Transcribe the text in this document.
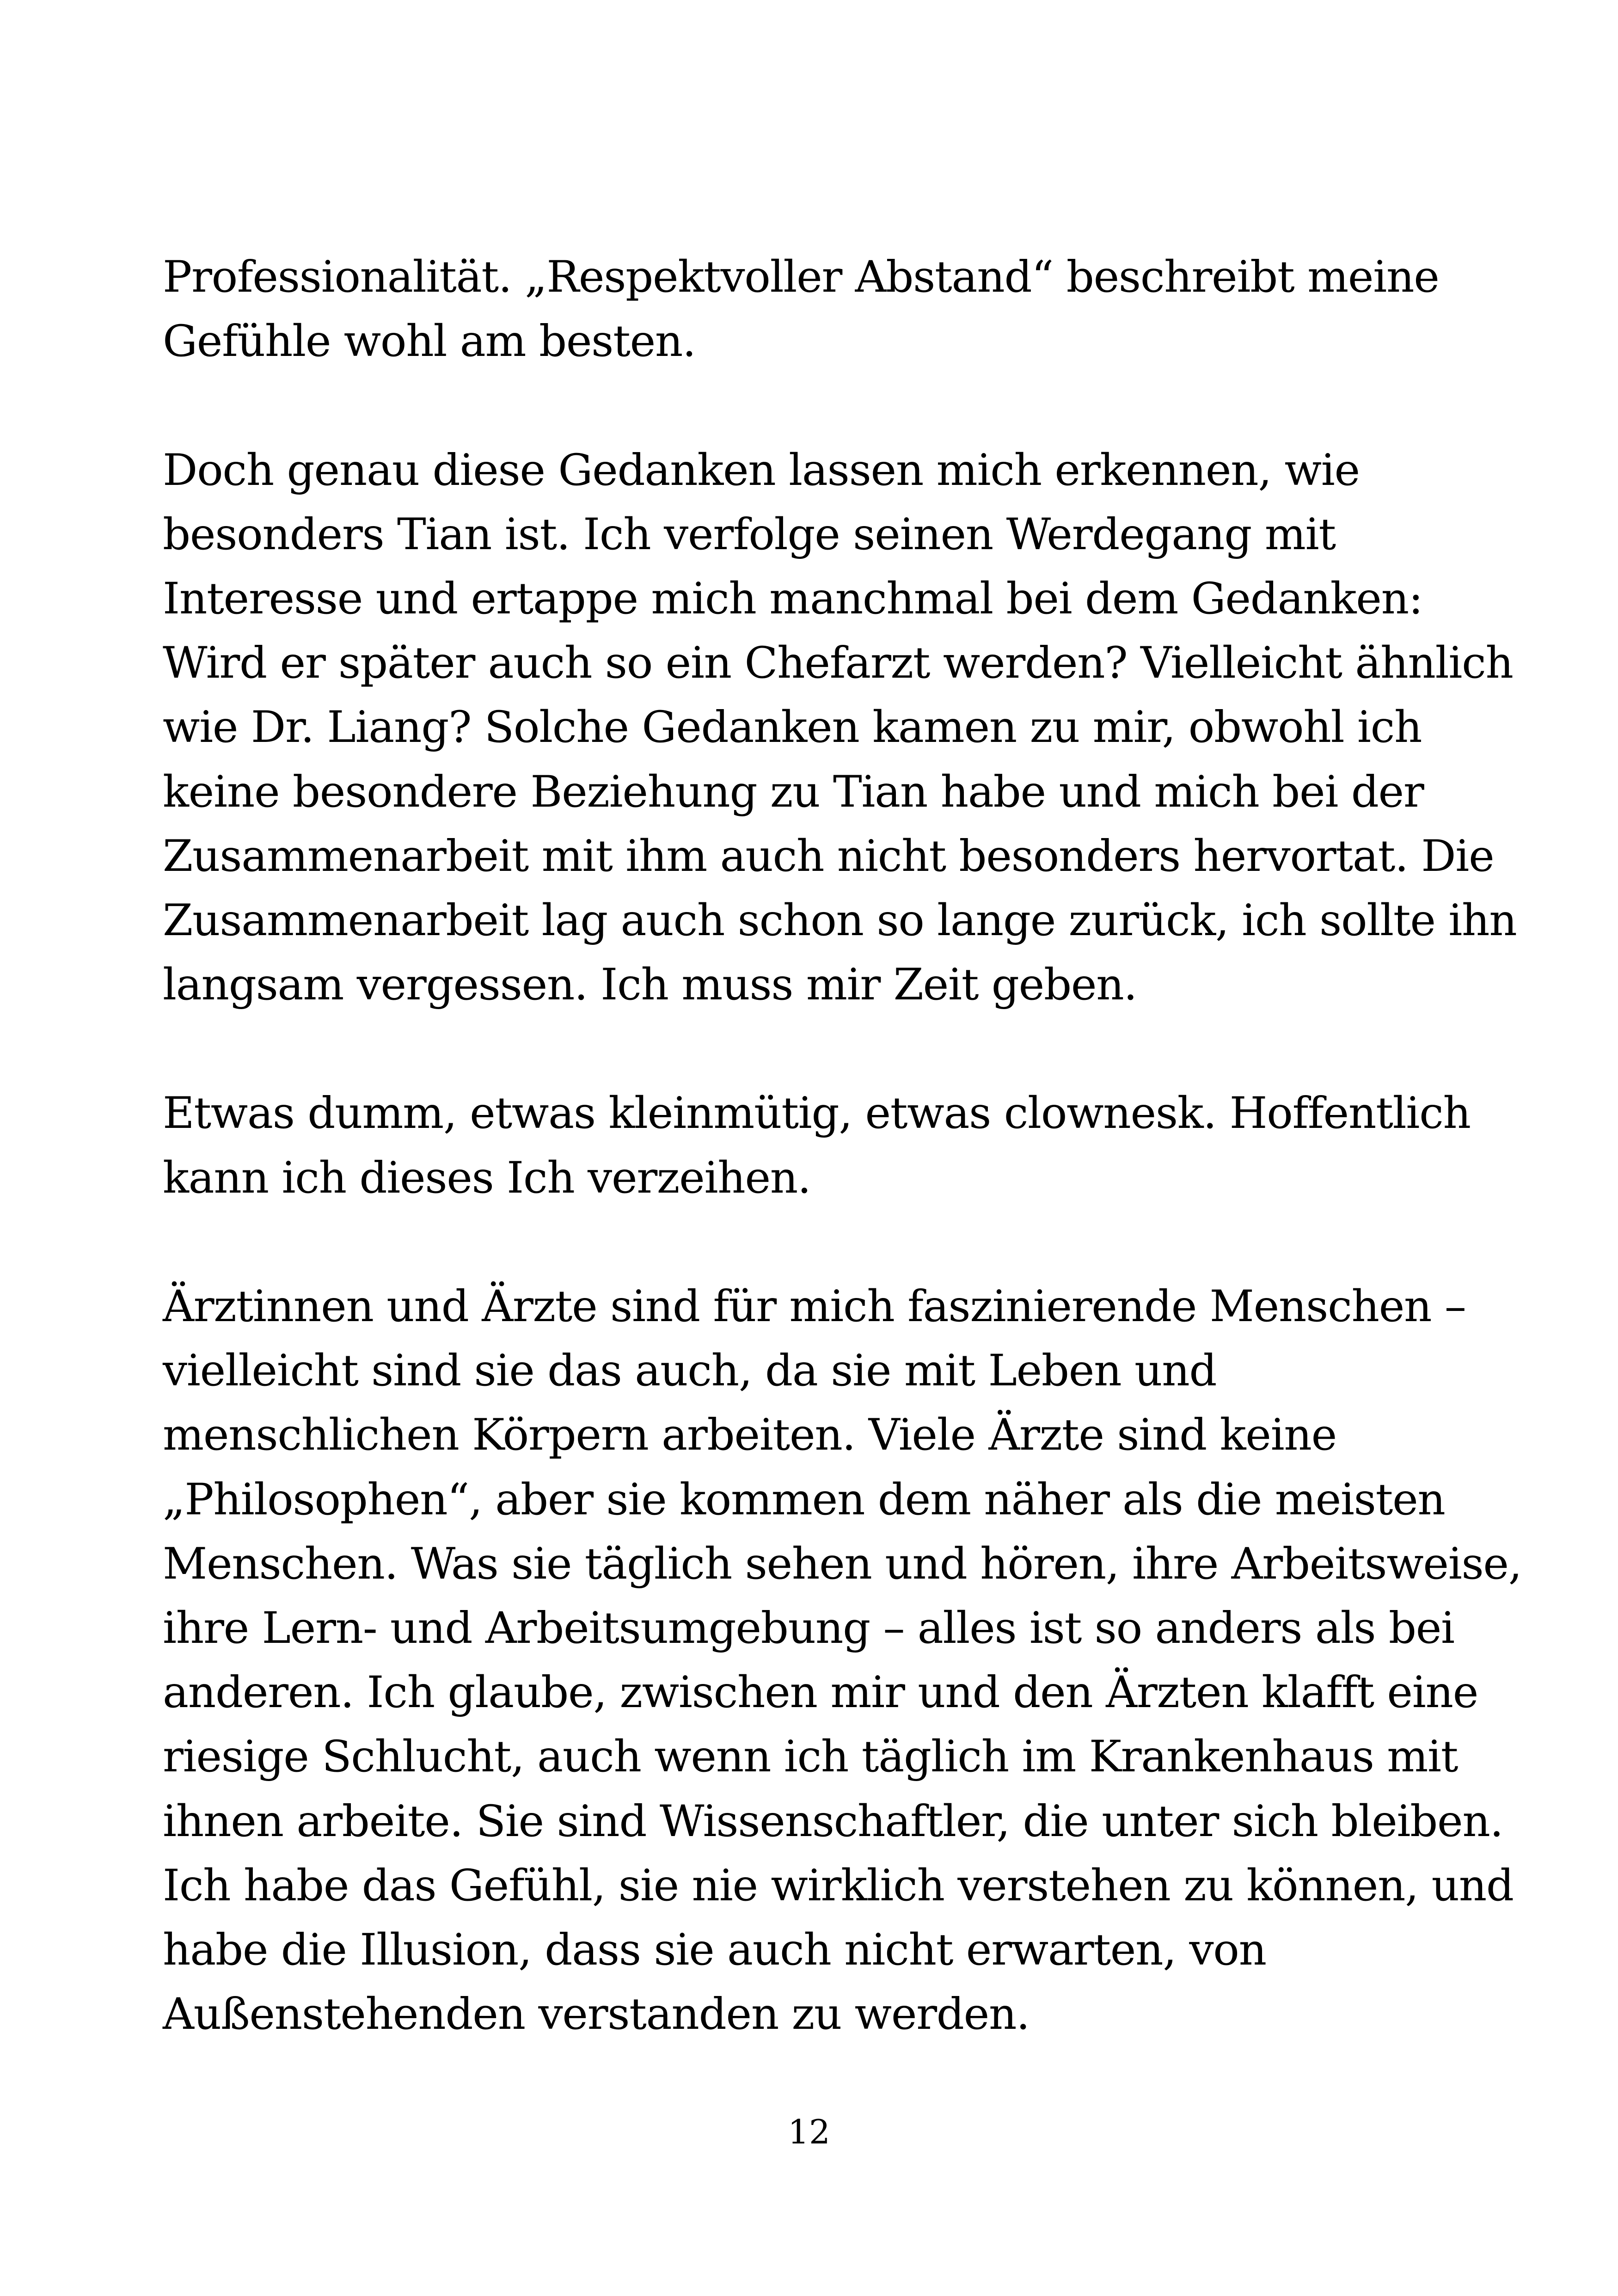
Professionalität. „Respektvoller Abstand“ beschreibt meine
Gefühle wohl am besten.
Doch genau diese Gedanken lassen mich erkennen, wie
besonders Tian ist. Ich verfolge seinen Werdegang mit
Interesse und ertappe mich manchmal bei dem Gedanken:
Wird er später auch so ein Chefarzt werden? Vielleicht ähnlich
wie Dr. Liang? Solche Gedanken kamen zu mir, obwohl ich
keine besondere Beziehung zu Tian habe und mich bei der
Zusammenarbeit mit ihm auch nicht besonders hervortat. Die
Zusammenarbeit lag auch schon so lange zurück, ich sollte ihn
langsam vergessen. Ich muss mir Zeit geben.
Etwas dumm, etwas kleinmütig, etwas clownesk. Hoffentlich
kann ich dieses Ich verzeihen.
Ärztinnen und Ärzte sind für mich faszinierende Menschen –
vielleicht sind sie das auch, da sie mit Leben und
menschlichen Körpern arbeiten. Viele Ärzte sind keine
„Philosophen“, aber sie kommen dem näher als die meisten
Menschen. Was sie täglich sehen und hören, ihre Arbeitsweise,
ihre Lern- und Arbeitsumgebung – alles ist so anders als bei
anderen. Ich glaube, zwischen mir und den Ärzten klafft eine
riesige Schlucht, auch wenn ich täglich im Krankenhaus mit
ihnen arbeite. Sie sind Wissenschaftler, die unter sich bleiben.
Ich habe das Gefühl, sie nie wirklich verstehen zu können, und
habe die Illusion, dass sie auch nicht erwarten, von
Außenstehenden verstanden zu werden.
12
